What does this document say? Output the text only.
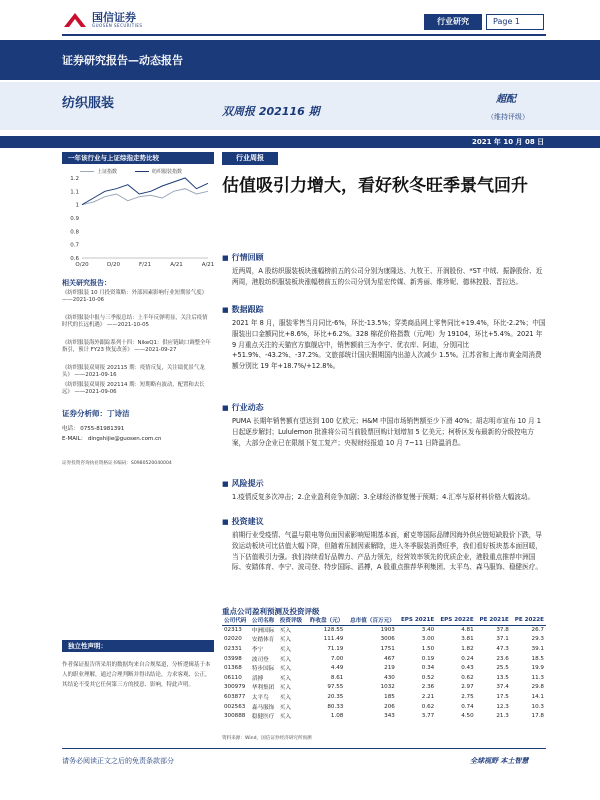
国信证券
GUOSEN SECURITIES	行业研究	Page 1
证券研究报告—动态报告
纺织服装
双周报 202116 期
超配
（维持评级）
2021 年 10 月 08 日
一年该行业与上证综指走势比较
上证指数	纺织服装指数
1.2
1.1
1
0.9
0.8
0.7
0.6
O/20	D/20	F/21	A/21	A/21
相关研究报告：
《纺织服装 10 月投资策略：外部因素影响行业短期景气度》 ——2021-10-06
《纺织服装中报与三季报总结：上半年反弹明显，关注后疫情时代的长远机遇》 ——2021-10-05
《纺织服装海外跟踪系列十四：NikeQ1：供应链缺口调整全年指引，预计 FY23 恢复改善》 ——2021-09-27
《纺织服装双周报 202115 期：疫情反复，关注绩优景气龙头》 ——2021-09-16
《纺织服装双周报 202114 期：短期略有波动，配置和去长远》 ——2021-09-06
证券分析师：丁诗洁
电话： 0755-81981391
E-MAIL： dingshijie@guosen.com.cn
证券投资咨询执业资格证书编码：S0980520040004
独立性声明：
作者保证报告所采用的数据均来自合规渠道，分析逻辑基于本人的职业理解，通过合理判断并得出结论，力求客观、公正，其结论不受其它任何第三方的授意、影响，特此声明。
行业周报
估值吸引力增大，看好秋冬旺季景气回升
■ 行情回顾
近两周，A 股纺织服装板块涨幅榜前五的公司分别为康隆达、九牧王、开润股份、*ST 中绒、振静股份、近两周，港股纺织服装板块涨幅榜前五的公司分别为星宏传媒、新秀丽、维珍妮、德林控股、晋拉达。
■ 数据跟踪
2021 年 8 月，服装零售当月同比-6%，环比-13.5%；穿类商品网上零售同比+19.4%，环比-2.2%；中国服装出口金额同比+8.6%，环比+6.2%。328 棉花价格指数（元/吨）为 19104，环比+5.4%。2021 年 9 月重点关注的天猫官方旗舰店中，销售额前三为李宁、优衣库、阿迪，分别同比+51.9%、-43.2%、-37.2%。文旅部统计国庆假期国内出游人次减少 1.5%。江苏省和上海市黄金周消费额分别比 19 年+18.7%/+12.8%。
■ 行业动态
PUMA 长期年销售额有望达到 100 亿欧元；H&M 中国市场销售额至少下滑 40%；胡志明市宣布 10 月 1 日起逐步解封；Lululemon 批准将公司当前股票回购计划增加 5 亿美元；柯桥区发布最新的分级控电方案，大部分企业已在限制下复工复产；央视财经报道 10 月 7~11 日降温消息。
■ 风险提示
1.疫情反复多次冲击；2.企业盈利竞争加剧；3.全球经济修复慢于预期；4.汇率与原材料价格大幅波动。
■ 投资建议
前期行业受疫情、气温与限电等负面因素影响短期基本面，耐克等国际品牌因海外供应链短缺股价下跌，导致运动板块可比估值大幅下降，但随着压制因素解除，进入冬季服装消费旺季，我们看好板块基本面回暖，当下估值吸引力强。我们持续看好品牌力、产品力领先，经营效率领先的优质企业，港股重点推荐申洲国际、安踏体育、李宁、波司登、特步国际、滔搏，A 股重点推荐华利集团、太平鸟、森马服饰、稳健医疗。
重点公司盈利预测及投资评级
公司代码	公司名称	投资评级	昨收盘（元）	总市值（百万元）	EPS 2021E	EPS 2022E	PE 2021E	PE 2022E
02313	申洲国际	买入	128.55	1903	3.40	4.81	37.8	26.7
02020	安踏体育	买入	111.49	3006	3.00	3.81	37.1	29.3
02331	李宁	买入	71.19	1751	1.50	1.82	47.3	39.1
03998	波司登	买入	7.00	467	0.19	0.24	23.6	18.5
01368	特步国际	买入	4.49	219	0.34	0.43	25.5	19.9
06110	滔搏	买入	8.61	430	0.52	0.62	13.5	11.3
300979	华利集团	买入	97.55	1032	2.36	2.97	37.4	29.8
603877	太平鸟	买入	20.35	185	2.21	2.75	17.5	14.1
002563	森马服饰	买入	80.33	206	0.62	0.74	12.3	10.3
300888	稳健医疗	买入	1.08	343	3.77	4.50	21.3	17.8
资料来源：Wind，国信证券经济研究所预测
请务必阅读正文之后的免责条款部分	全球视野 本土智慧
